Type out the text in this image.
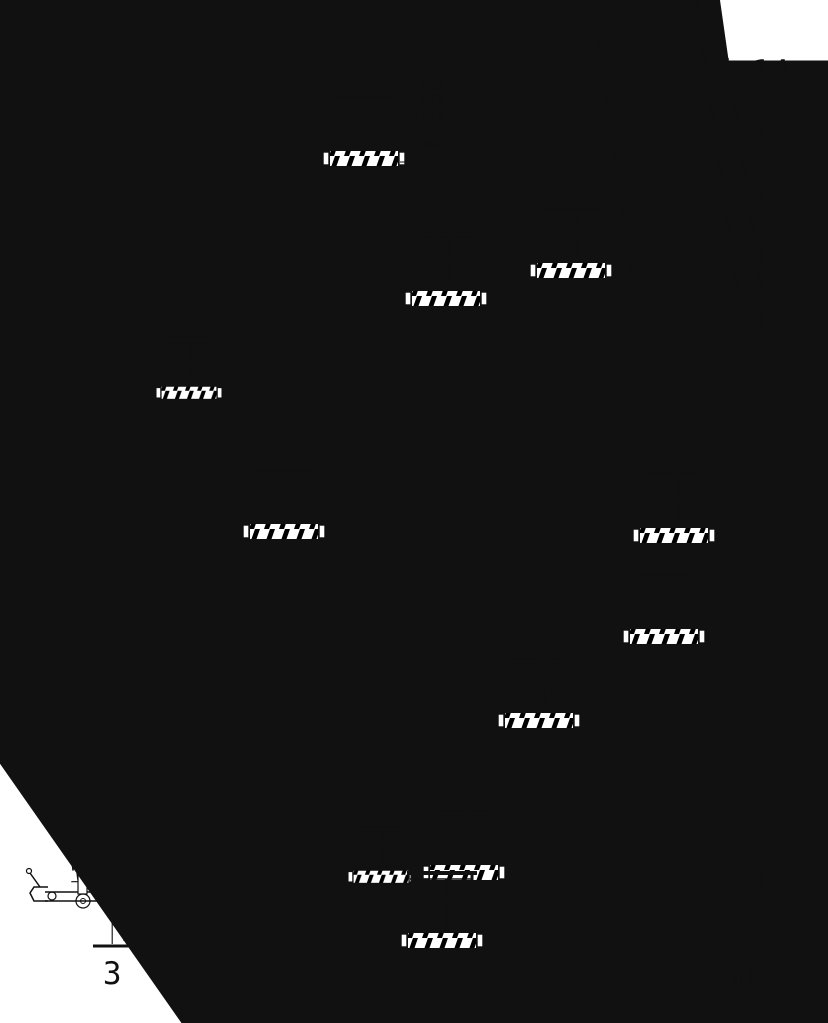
1 800
14(m)
13
12
11
10
9
8
7
6
5
4
3
2
1
3 2 1 0 1 2 3 4 5 6 7(m)
